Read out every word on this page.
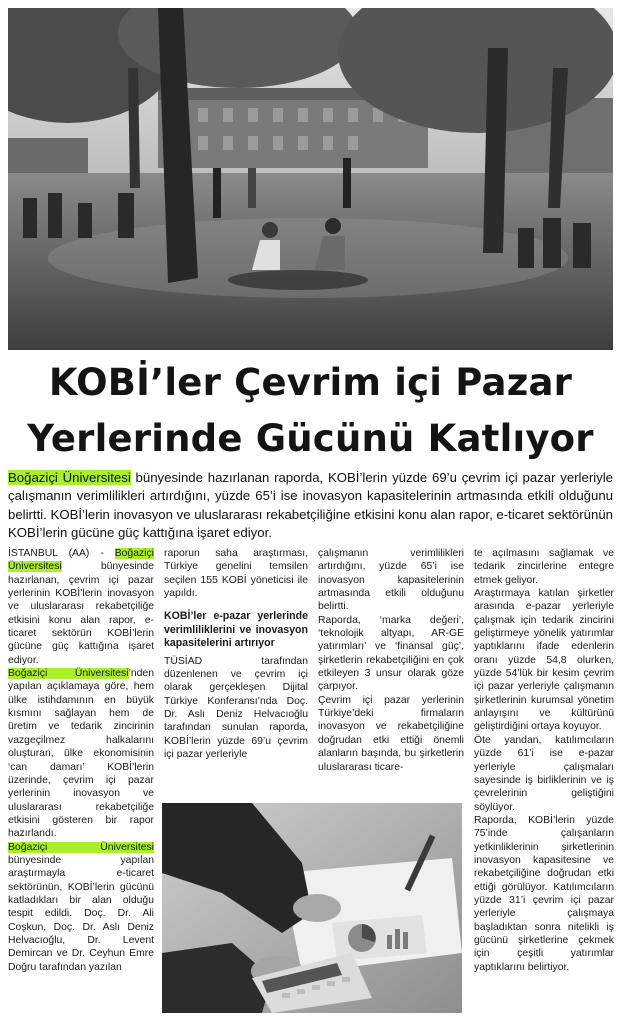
KOBİ’ler Çevrim içi Pazar
Yerlerinde Gücünü Katlıyor

Boğaziçi Üniversitesi bünyesinde hazırlanan raporda, KOBİ’lerin yüzde 69’u çevrim içi pazar yerleriyle çalışmanın verimlilikleri artırdığını, yüzde 65’i ise inovasyon kapasitelerinin artmasında etkili olduğunu belirtti. KOBİ’lerin inovasyon ve uluslararası rekabetçiliğine etkisini konu alan rapor, e-ticaret sektörünün KOBİ’lerin gücüne güç kattığına işaret ediyor.

İSTANBUL (AA) - Boğaziçi Üniversitesi bünyesinde hazırlanan, çevrim içi pazar yerlerinin KOBİ’lerin inovasyon ve uluslararası rekabetçiliğe etkisini konu alan rapor, e-ticaret sektörün KOBİ’lerin gücüne güç kattığına işaret ediyor.
Boğaziçi Üniversitesi’nden yapılan açıklamaya göre, hem ülke istihdamının en büyük kısmını sağlayan hem de üretim ve tedarik zincirinin vazgeçilmez halkalarını oluşturan, ülke ekonomisinin ‘can damarı’ KOBİ’lerin üzerinde, çevrim içi pazar yerlerinin inovasyon ve uluslararası rekabetçiliğe etkisini gösteren bir rapor hazırlandı.
Boğaziçi Üniversitesi bünyesinde yapılan araştırmayla e-ticaret sektörünün, KOBİ’lerin gücünü katladıkları bir alan olduğu tespit edildi. Doç. Dr. Ali Coşkun, Doç. Dr. Aslı Deniz Helvacıoğlu, Dr. Levent Demircan ve Dr. Ceyhun Emre Doğru tarafından yazılan

raporun saha araştırması, Türkiye genelini temsilen seçilen 155 KOBİ yöneticisi ile yapıldı.

KOBİ’ler e-pazar yerlerinde verimliliklerini ve inovasyon kapasitelerini artırıyor

TÜSİAD tarafından düzenlenen ve çevrim içi olarak gerçekleşen Dijital Türkiye Konferansı’nda Doç. Dr. Aslı Deniz Helvacıoğlu tarafından sunulan raporda, KOBİ’lerin yüzde 69’u çevrim içi pazar yerleriyle

çalışmanın verimlilikleri artırdığını, yüzde 65’i ise inovasyon kapasitelerinin artmasında etkili olduğunu belirtti.

Raporda, ‘marka değeri’, ‘teknolojik altyapı, AR-GE yatırımları’ ve ‘finansal güç’, şirketlerin rekabetçiliğini en çok etkileyen 3 unsur olarak göze çarpıyor.

Çevrim içi pazar yerlerinin Türkiye’deki firmaların inovasyon ve rekabetçiliğine doğrudan etki ettiği önemli alanların başında, bu şirketlerin uluslararası ticare-

te açılmasını sağlamak ve tedarik zincirlerine entegre etmek geliyor.

Araştırmaya katılan şirketler arasında e-pazar yerleriyle çalışmak için tedarik zincirini geliştirmeye yönelik yatırımlar yaptıklarını ifade edenlerin oranı yüzde 54,8 olurken, yüzde 54’lük bir kesim çevrim içi pazar yerleriyle çalışmanın şirketlerinin kurumsal yönetim anlayışını ve kültürünü geliştirdiğini ortaya koyuyor.

Öte yandan, katılımcıların yüzde 61’i ise e-pazar yerleriyle çalışmaları sayesinde iş birliklerinin ve iş çevrelerinin geliştiğini söylüyor.

Raporda, KOBİ’lerin yüzde 75’inde çalışanların yetkinliklerinin şirketlerinin inovasyon kapasitesine ve rekabetçiliğine doğrudan etki ettiği görülüyor. Katılımcıların yüzde 31’i çevrim içi pazar yerleriyle çalışmaya başladıktan sonra nitelikli iş gücünü şirketlerine çekmek için çeşitli yatırımlar yaptıklarını belirtiyor.
